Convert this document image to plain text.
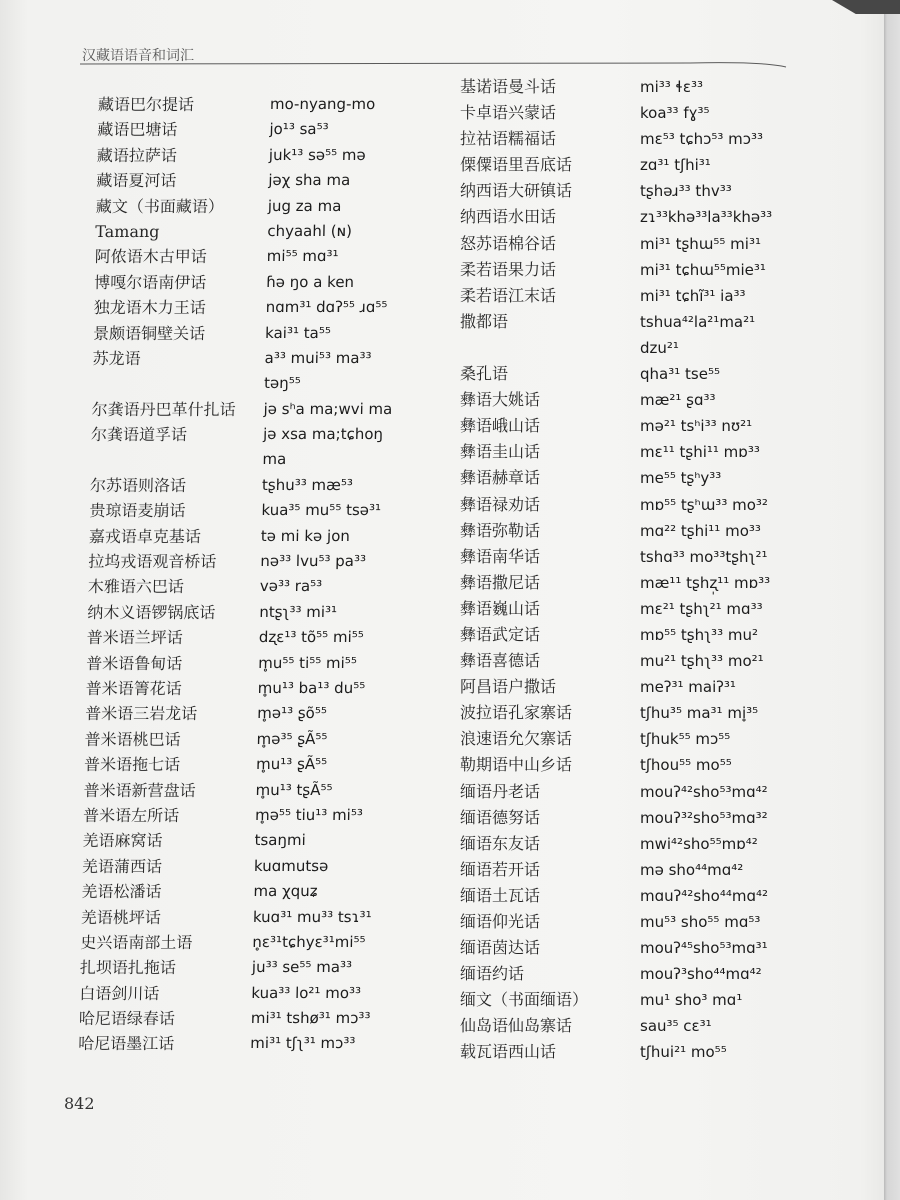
汉藏语语音和词汇
藏语巴尔提话	mo-nyang-mo
藏语巴塘话	jo¹³ sa⁵³
藏语拉萨话	juk¹³ sə⁵⁵ mə
藏语夏河话	jəχ sha ma
藏文（书面藏语）	jug za ma
Tamang	chyaahl (ɴ)
阿侬语木古甲话	mi⁵⁵ mɑ³¹
博嘎尔语南伊话	ɦə ŋo a ken
独龙语木力王话	nɑm³¹ dɑʔ⁵⁵ ɹɑ⁵⁵
景颇语铜壁关话	kai³¹ ta⁵⁵
苏龙语	a³³ mui⁵³ ma³³
təŋ⁵⁵
尔龚语丹巴革什扎话 jə sʰa ma;wvi ma
尔龚语道孚话	jə xsa ma;tɕhoŋ
ma
尔苏语则洛话	tʂhu³³ mæ⁵³
贵琼语麦崩话	kua³⁵ mu⁵⁵ tsə³¹
嘉戎语卓克基话	tə mi kə jon
拉坞戎语观音桥话	nə³³ lvu⁵³ pa³³
木雅语六巴话	və³³ ra⁵³
纳木义语锣锅底话	ntʂʅ³³ mi³¹
普米语兰坪话	dʐɛ¹³ tõ⁵⁵ mi⁵⁵
普米语鲁甸话	m̥u⁵⁵ ti⁵⁵ mi⁵⁵
普米语箐花话	m̥u¹³ ba¹³ du⁵⁵
普米语三岩龙话	m̥ə¹³ ʂõ⁵⁵
普米语桃巴话	m̥ə³⁵ ʂÃ⁵⁵
普米语拖七话	m̥u¹³ ʂÃ⁵⁵
普米语新营盘话	m̥u¹³ tʂÃ⁵⁵
普米语左所话	m̥ə⁵⁵ tiu¹³ mi⁵³
羌语麻窝话	tsaŋmi
羌语蒲西话	kuɑmutsə
羌语松潘话	ma χquʑ
羌语桃坪话	kuɑ³¹ mu³³ tsɿ³¹
史兴语南部土语	n̥ɛ³¹tɕhyɛ³¹mi⁵⁵
扎坝语扎拖话	ju³³ se⁵⁵ ma³³
白语剑川话	kua³³ lo²¹ mo³³
哈尼语绿春话	mi³¹ tshø³¹ mɔ³³
哈尼语墨江话	mi³¹ tʃʅ³¹ mɔ³³
基诺语曼斗话	mi³³ ɬɛ³³
卡卓语兴蒙话	koa³³ fɣ³⁵
拉祜语糯福话	mɛ⁵³ tɕhɔ⁵³ mɔ³³
傈僳语里吾底话	zɑ³¹ tʃhi³¹
纳西语大研镇话	tʂhəɹ³³ thv³³
纳西语水田话	zɿ³³khə³³la³³khə³³
怒苏语棉谷话	mi³¹ tʂhɯ⁵⁵ mi³¹
柔若语果力话	mi³¹ tɕhɯ⁵⁵mie³¹
柔若语江末话	mi³¹ tɕhĩ³¹ ia³³
撒都语	tshua⁴²la²¹ma²¹
dzu²¹
桑孔语	qha³¹ tse⁵⁵
彝语大姚话	mæ²¹ ʂɑ³³
彝语峨山话	mə²¹ tsʰi³³ nʊ²¹
彝语圭山话	mɛ¹¹ tʂhi¹¹ mɒ³³
彝语赫章话	me⁵⁵ tʂʰy³³
彝语禄劝话	mɒ⁵⁵ tʂʰɯ³³ mo³²
彝语弥勒话	mɑ²² tʂhi¹¹ mo³³
彝语南华话	tshɑ³³ mo³³tʂhʅ²¹
彝语撒尼话	mæ¹¹ tʂhʐ̩¹¹ mɒ³³
彝语巍山话	mɛ²¹ tʂhʅ²¹ mɑ³³
彝语武定话	mɒ⁵⁵ tʂhʅ³³ mu²
彝语喜德话	mu²¹ tʂhʅ³³ mo²¹
阿昌语户撒话	meʔ³¹ maiʔ³¹
波拉语孔家寨话	tʃhu³⁵ ma³¹ mi̥³⁵
浪速语允欠寨话	tʃhuk⁵⁵ mɔ⁵⁵
勒期语中山乡话	tʃhou⁵⁵ mo⁵⁵
缅语丹老话	mouʔ⁴²sho⁵³mɑ⁴²
缅语德努话	mouʔ³²sho⁵³mɑ³²
缅语东友话	mwi⁴²sho⁵⁵mɒ⁴²
缅语若开话	mə sho⁴⁴mɑ⁴²
缅语土瓦话	mɑuʔ⁴²sho⁴⁴mɑ⁴²
缅语仰光话	mu⁵³ sho⁵⁵ mɑ⁵³
缅语茵达话	mouʔ⁴⁵sho⁵³mɑ³¹
缅语约话	mouʔ³sho⁴⁴mɑ⁴²
缅文（书面缅语）	mu¹ sho³ mɑ¹
仙岛语仙岛寨话	sau³⁵ cɛ³¹
载瓦语西山话	tʃhui²¹ mo⁵⁵
842
